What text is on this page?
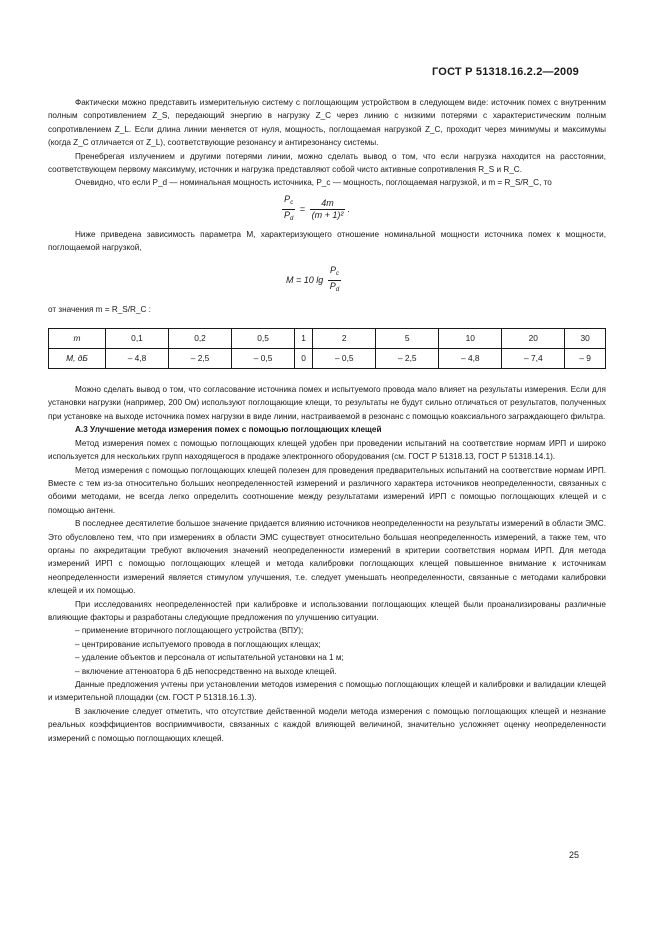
ГОСТ Р 51318.16.2.2—2009

Фактически можно представить измерительную систему с поглощающим устройством в следующем виде: источник помех с внутренним полным сопротивлением Z_S, передающий энергию в нагрузку Z_C через линию с низкими потерями с характеристическим полным сопротивлением Z_L. Если длина линии меняется от нуля, мощность, поглощаемая нагрузкой Z_C, проходит через минимумы и максимумы (когда Z_C отличается от Z_L), соответствующие резонансу и антирезонансу системы.

Пренебрегая излучением и другими потерями линии, можно сделать вывод о том, что если нагрузка находится на расстоянии, соответствующем первому максимуму, источник и нагрузка представляют собой чисто активные сопротивления R_S и R_C.

Очевидно, что если P_d — номинальная мощность источника, P_c — мощность, поглощаемая нагрузкой, и m = R_S/R_C, то

$\frac{P_c}{P_d} = \frac{4m}{\text{(m + 1)²}}$ .

Ниже приведена зависимость параметра M, характеризующего отношение номинальной мощности источника помех к мощности, поглощаемой нагрузкой,

M = 10 $\lg \frac{P_c}{P_d}$

от значения m = R_S/R_C :

m	0,1	0,2	0,5	1	2	5	10	20	30
M, дБ	– 4,8	– 2,5	– 0,5	0	– 0,5	– 2,5	– 4,8	– 7,4	– 9

Можно сделать вывод о том, что согласование источника помех и испытуемого провода мало влияет на результаты измерения. Если для установки нагрузки (например, 200 Ом) используют поглощающие клещи, то результаты не будут сильно отличаться от результатов, полученных при установке на выходе источника помех нагрузки в виде линии, настраиваемой в резонанс с помощью коаксиального заграждающего фильтра.

А.3 Улучшение метода измерения помех с помощью поглощающих клещей

Метод измерения помех с помощью поглощающих клещей удобен при проведении испытаний на соответствие нормам ИРП и широко используется для нескольких групп находящегося в продаже электронного оборудования (см. ГОСТ Р 51318.13, ГОСТ Р 51318.14.1).

Метод измерения с помощью поглощающих клещей полезен для проведения предварительных испытаний на соответствие нормам ИРП. Вместе с тем из-за относительно больших неопределенностей измерений и различного характера источников неопределенности, связанных с обоими методами, не всегда легко определить соотношение между результатами измерений ИРП с помощью поглощающих клещей и с помощью антенн.

В последнее десятилетие большое значение придается влиянию источников неопределенности на результаты измерений в области ЭМС. Это обусловлено тем, что при измерениях в области ЭМС существует относительно большая неопределенность измерений, а также тем, что органы по аккредитации требуют включения значений неопределенности измерений в критерии соответствия нормам ИРП. Для метода измерений ИРП с помощью поглощающих клещей и метода калибровки поглощающих клещей повышенное внимание к источникам неопределенности измерений является стимулом улучшения, т.е. следует уменьшать неопределенности, связанные с методами калибровки клещей и их помощью.

При исследованиях неопределенностей при калибровке и использовании поглощающих клещей были проанализированы различные влияющие факторы и разработаны следующие предложения по улучшению ситуации.

– применение вторичного поглощающего устройства (ВПУ);

– центрирование испытуемого провода в поглощающих клещах;

– удаление объектов и персонала от испытательной установки на 1 м;

– включение аттенюатора 6 дБ непосредственно на выходе клещей.

Данные предложения учтены при установлении методов измерения с помощью поглощающих клещей и калибровки и валидации клещей и измерительной площадки (см. ГОСТ Р 51318.16.1.3).

В заключение следует отметить, что отсутствие действенной модели метода измерения с помощью поглощающих клещей и незнание реальных коэффициентов восприимчивости, связанных с каждой влияющей величиной, значительно усложняет оценку неопределенности измерений с помощью поглощающих клещей.

25
